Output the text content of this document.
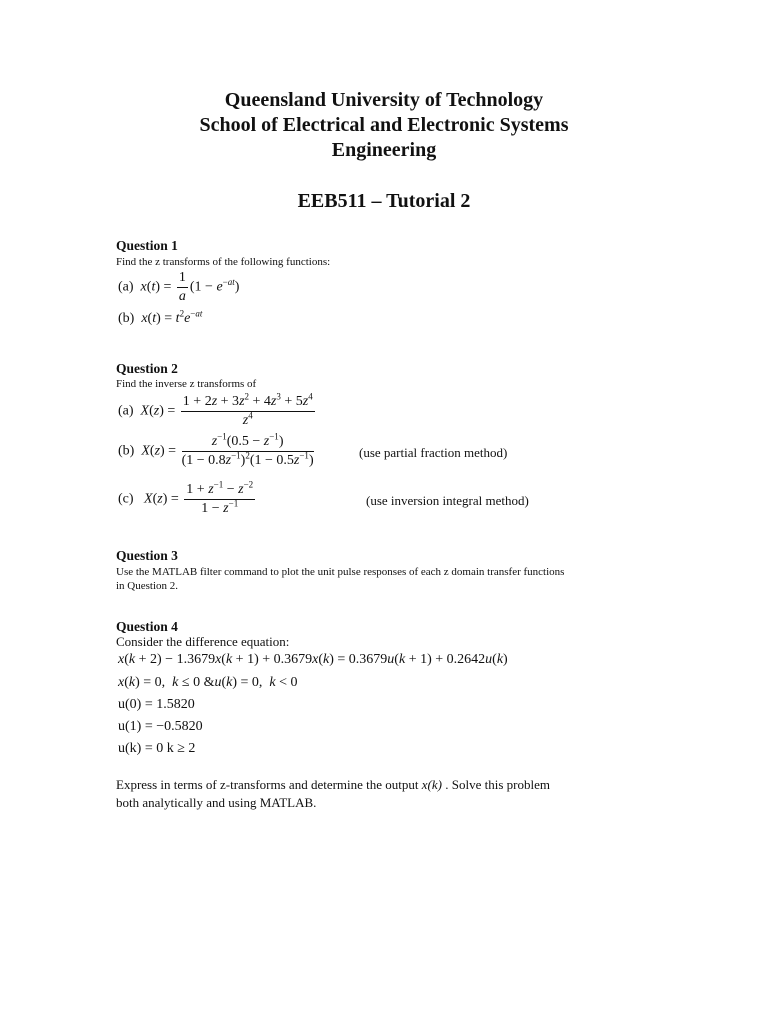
Queensland University of Technology
School of Electrical and Electronic Systems
Engineering
EEB511 – Tutorial 2
Question 1
Find the z transforms of the following functions:
(a) $x(t) = \frac{1}{a} (1 - e^{-at})$
(b) $x(t) = t^2e^{-at}$
Question 2
Find the inverse z transforms of
(a) $X(z) = \frac{1 + 2z + 3z^2 + 4z^3 + 5z^4}{z^4}$
(b) $X(z) = \frac{z^{-1}(0.5 - z^{-1})}{(1 - 0.8z^{-1})^2(1 - 0.5z^{-1})}$	(use partial fraction method)
(c) $X(z) = \frac{1 + z^{-1} - z^{-2}}{1 - z^{-1}}$	(use inversion integral method)
Question 3
Use the MATLAB filter command to plot the unit pulse responses of each z domain transfer functions
in Question 2.
Question 4
Consider the difference equation:
x(k + 2) − 1.3679x(k + 1) + 0.3679x(k) = 0.3679u(k + 1) + 0.2642u(k)
x(k) = 0,  k ≤ 0 &u(k) = 0,  k < 0
u(0) = 1.5820
u(1) = −0.5820
u(k) = 0 k ≥ 2
Express in terms of z-transforms and determine the output x(k) . Solve this problem
both analytically and using MATLAB.
